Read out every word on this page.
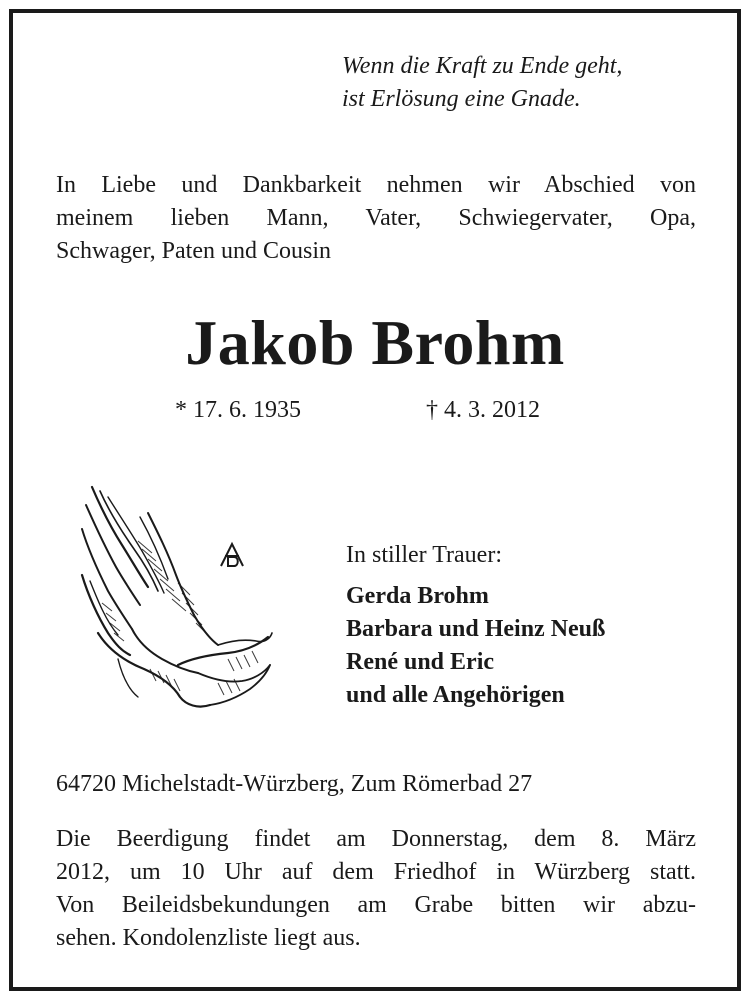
Wenn die Kraft zu Ende geht,
ist Erlösung eine Gnade.
In Liebe und Dankbarkeit nehmen wir Abschied von
meinem lieben Mann, Vater, Schwiegervater, Opa,
Schwager, Paten und Cousin
Jakob Brohm
* 17. 6. 1935	† 4. 3. 2012
In stiller Trauer:
Gerda Brohm
Barbara und Heinz Neuß
René und Eric
und alle Angehörigen
64720 Michelstadt-Würzberg, Zum Römerbad 27
Die Beerdigung findet am Donnerstag, dem 8. März
2012, um 10 Uhr auf dem Friedhof in Würzberg statt.
Von Beileidsbekundungen am Grabe bitten wir abzu-
sehen. Kondolenzliste liegt aus.
